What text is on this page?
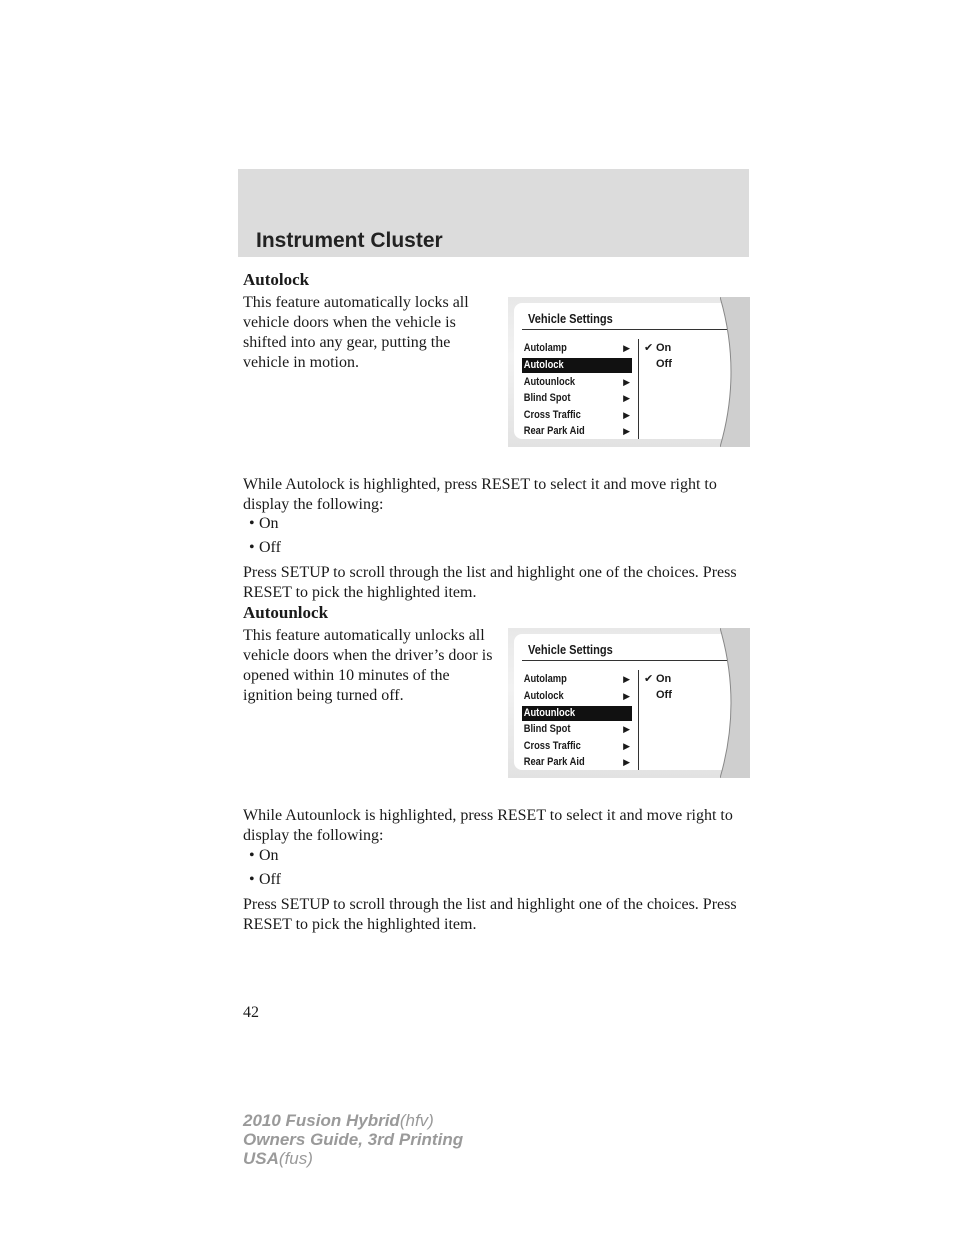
Instrument Cluster

Autolock

This feature automatically locks all vehicle doors when the vehicle is shifted into any gear, putting the vehicle in motion.
Vehicle Settings
Autolamp	▶
Autolock
Autounlock	▶
Blind Spot	▶
Cross Traffic	▶
Rear Park Aid	▶
✔ On
Off

While Autolock is highlighted, press RESET to select it and move right to display the following:

• On
• Off

Press SETUP to scroll through the list and highlight one of the choices. Press RESET to pick the highlighted item.

Autounlock

This feature automatically unlocks all vehicle doors when the driver’s door is opened within 10 minutes of the ignition being turned off.
Vehicle Settings
Autolamp	▶
Autolock	▶
Autounlock
Blind Spot	▶
Cross Traffic	▶
Rear Park Aid	▶
✔ On
Off

While Autounlock is highlighted, press RESET to select it and move right to display the following:

• On
• Off

Press SETUP to scroll through the list and highlight one of the choices. Press RESET to pick the highlighted item.

42
2010 Fusion Hybrid(hfv)
Owners Guide, 3rd Printing
USA(fus)
